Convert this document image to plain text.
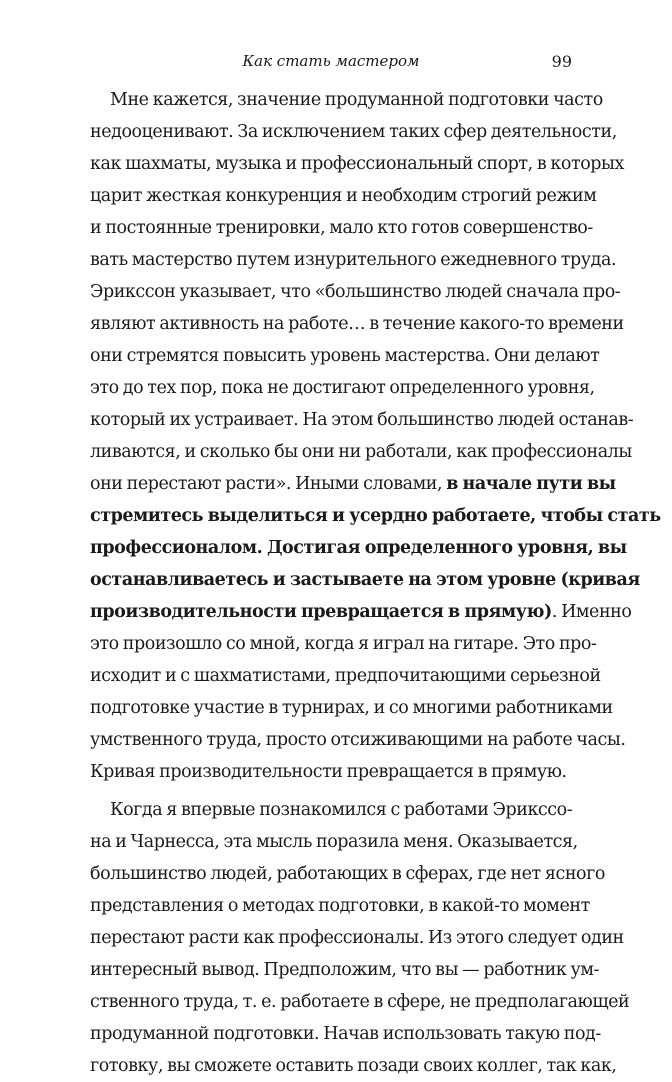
Как стать мастером	99
Мне кажется, значение продуманной подготовки часто
недооценивают. За исключением таких сфер деятельности,
как шахматы, музыка и профессиональный спорт, в которых
царит жесткая конкуренция и необходим строгий режим
и постоянные тренировки, мало кто готов совершенство-
вать мастерство путем изнурительного ежедневного труда.
Эриксcон указывает, что «большинство людей сначала про-
являют активность на работе… в течение какого-то времени
они стремятся повысить уровень мастерства. Они делают
это до тех пор, пока не достигают определенного уровня,
который их устраивает. На этом большинство людей останав-
ливаются, и сколько бы они ни работали, как профессионалы
они перестают расти». Иными словами, в начале пути вы
стремитесь выделиться и усердно работаете, чтобы стать
профессионалом. Достигая определенного уровня, вы
останавливаетесь и застываете на этом уровне (кривая
производительности превращается в прямую). Именно
это произошло со мной, когда я играл на гитаре. Это про-
исходит и с шахматистами, предпочитающими серьезной
подготовке участие в турнирах, и со многими работниками
умственного труда, просто отсиживающими на работе часы.
Кривая производительности превращается в прямую.
Когда я впервые познакомился с работами Эриксcо-
на и Чарнесса, эта мысль поразила меня. Оказывается,
большинство людей, работающих в сферах, где нет ясного
представления о методах подготовки, в какой-то момент
перестают расти как профессионалы. Из этого следует один
интересный вывод. Предположим, что вы — работник ум-
ственного труда, т. е. работаете в сфере, не предполагающей
продуманной подготовки. Начав использовать такую под-
готовку, вы сможете оставить позади своих коллег, так как,
